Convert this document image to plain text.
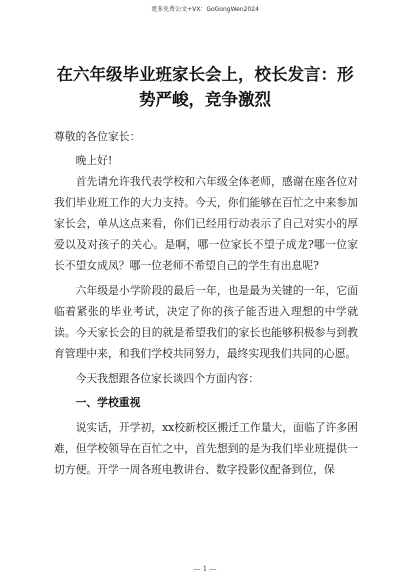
更多免费公文+VX：GoGongWen2024
在六年级毕业班家长会上，校长发言：形势严峻，竞争激烈

尊敬的各位家长：

晚上好!

首先请允许我代表学校和六年级全体老师，感谢在座各位对我们毕业班工作的大力支持。今天，你们能够在百忙之中来参加家长会，单从这点来看，你们已经用行动表示了自己对实小的厚爱以及对孩子的关心。是啊，哪一位家长不望子成龙?哪一位家长不望女成凤？哪一位老师不希望自己的学生有出息呢?

六年级是小学阶段的最后一年，也是最为关键的一年，它面临着紧张的毕业考试，决定了你的孩子能否进入理想的中学就读。今天家长会的目的就是希望我们的家长也能够积极参与到教育管理中来，和我们学校共同努力，最终实现我们共同的心愿。

今天我想跟各位家长谈四个方面内容：

一、学校重视

说实话，开学初，xx校新校区搬迁工作量大，面临了许多困难，但学校领导在百忙之中，首先想到的是为我们毕业班提供一切方便。开学一周各班电教讲台、数字投影仪配备到位，保

— 1 —
